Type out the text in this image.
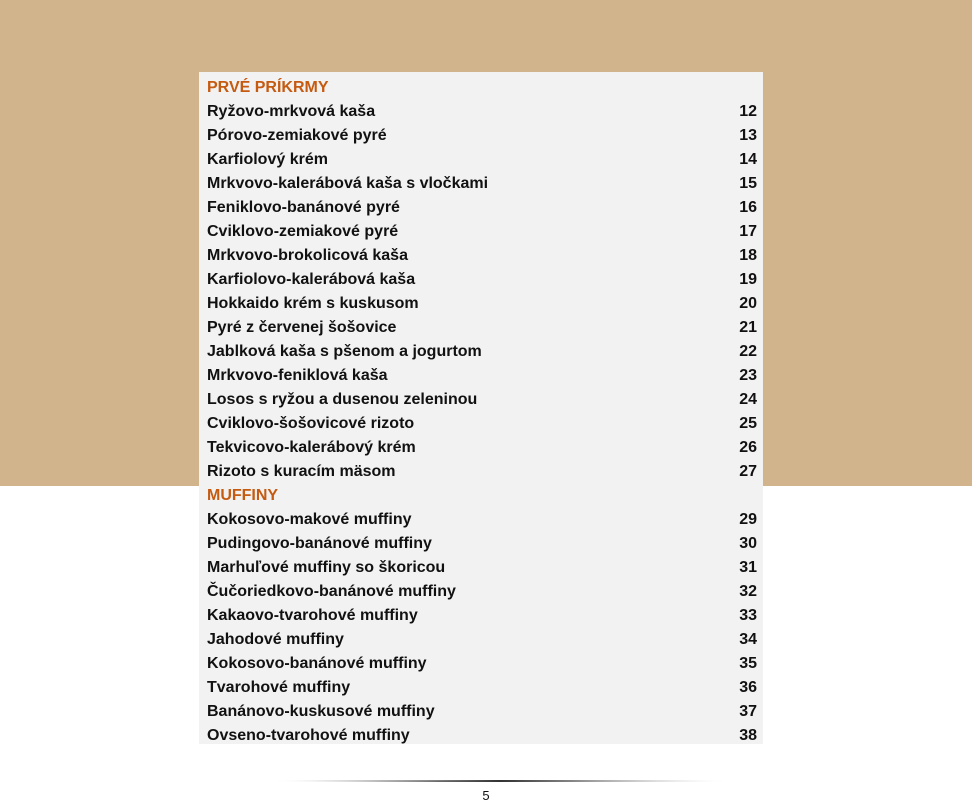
PRVÉ PRÍKRMY
Ryžovo-mrkvová kaša	12
Pórovo-zemiakové pyré	13
Karfiolový krém	14
Mrkvovo-kalerábová kaša s vločkami	15
Feniklovo-banánové pyré	16
Cviklovo-zemiakové pyré	17
Mrkvovo-brokolicová kaša	18
Karfiolovo-kalerábová kaša	19
Hokkaido krém s kuskusom	20
Pyré z červenej šošovice	21
Jablková kaša s pšenom a jogurtom	22
Mrkvovo-feniklová kaša	23
Losos s ryžou a dusenou zeleninou	24
Cviklovo-šošovicové rizoto	25
Tekvicovo-kalerábový krém	26
Rizoto s kuracím mäsom	27
MUFFINY
Kokosovo-makové muffiny	29
Pudingovo-banánové muffiny	30
Marhuľové muffiny so škoricou	31
Čučoriedkovo-banánové muffiny	32
Kakaovo-tvarohové muffiny	33
Jahodové muffiny	34
Kokosovo-banánové muffiny	35
Tvarohové muffiny	36
Banánovo-kuskusové muffiny	37
Ovseno-tvarohové muffiny	38
5
